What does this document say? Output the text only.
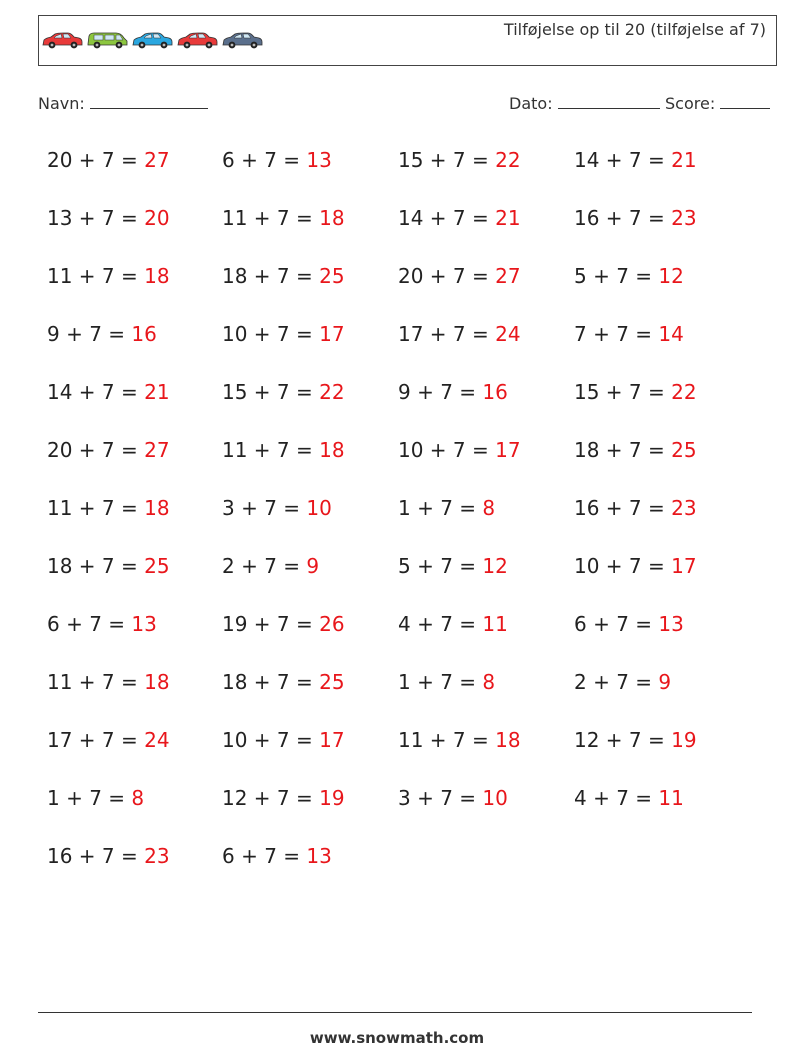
Tilføjelse op til 20 (tilføjelse af 7)
Navn:	Dato:	Score:
20 + 7 = 27	6 + 7 = 13	15 + 7 = 22	14 + 7 = 21
13 + 7 = 20	11 + 7 = 18	14 + 7 = 21	16 + 7 = 23
11 + 7 = 18	18 + 7 = 25	20 + 7 = 27	5 + 7 = 12
9 + 7 = 16	10 + 7 = 17	17 + 7 = 24	7 + 7 = 14
14 + 7 = 21	15 + 7 = 22	9 + 7 = 16	15 + 7 = 22
20 + 7 = 27	11 + 7 = 18	10 + 7 = 17	18 + 7 = 25
11 + 7 = 18	3 + 7 = 10	1 + 7 = 8	16 + 7 = 23
18 + 7 = 25	2 + 7 = 9	5 + 7 = 12	10 + 7 = 17
6 + 7 = 13	19 + 7 = 26	4 + 7 = 11	6 + 7 = 13
11 + 7 = 18	18 + 7 = 25	1 + 7 = 8	2 + 7 = 9
17 + 7 = 24	10 + 7 = 17	11 + 7 = 18	12 + 7 = 19
1 + 7 = 8	12 + 7 = 19	3 + 7 = 10	4 + 7 = 11
16 + 7 = 23	6 + 7 = 13
www.snowmath.com
